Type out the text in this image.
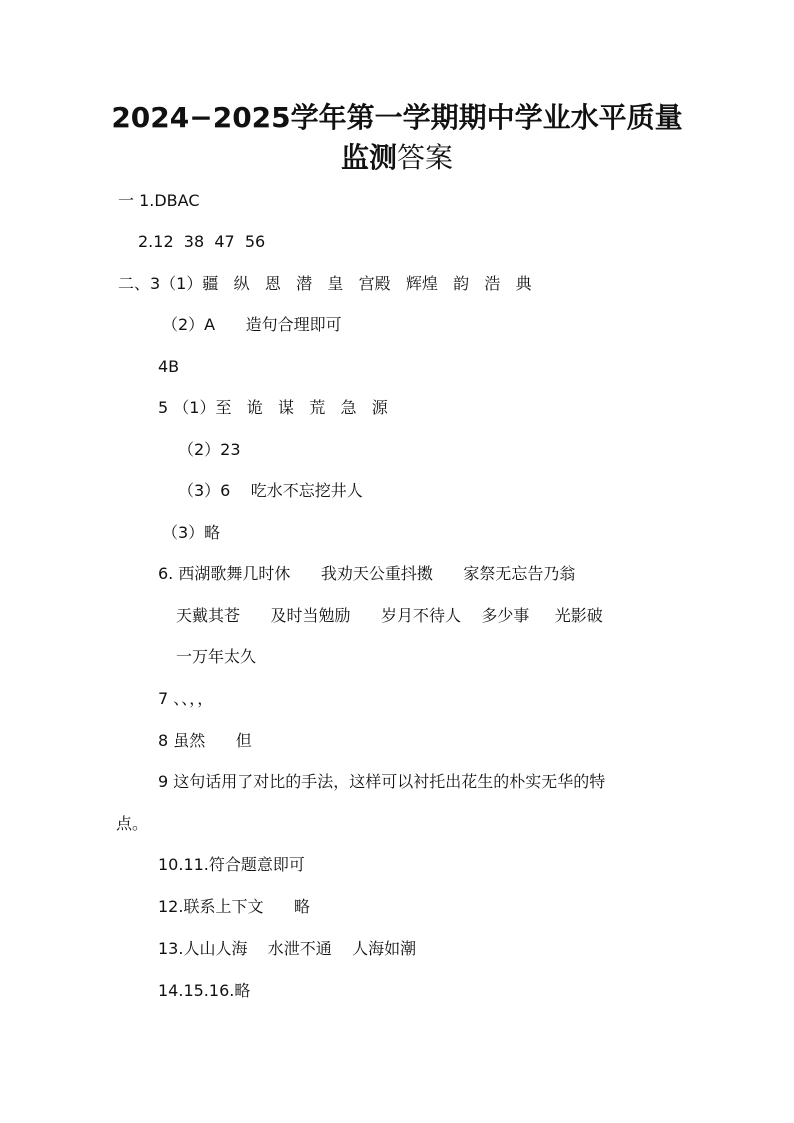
2024−2025学年第一学期期中学业水平质量
监测答案
一 1.DBAC
2.12  38  47  56
二、3（1）疆   纵   恩   潜   皇   宫殿   辉煌   韵   浩   典
（2）A      造句合理即可
4B
5 （1）至   诡   谋   荒   急   源
（2）23
（3）6    吃水不忘挖井人
（3）略
6. 西湖歌舞几时休      我劝天公重抖擞      家祭无忘告乃翁
天戴其苍      及时当勉励      岁月不待人    多少事     光影破
一万年太久
7 、、，，
8 虽然      但
9 这句话用了对比的手法，这样可以衬托出花生的朴实无华的特
点。
10.11.符合题意即可
12.联系上下文      略
13.人山人海    水泄不通    人海如潮
14.15.16.略
